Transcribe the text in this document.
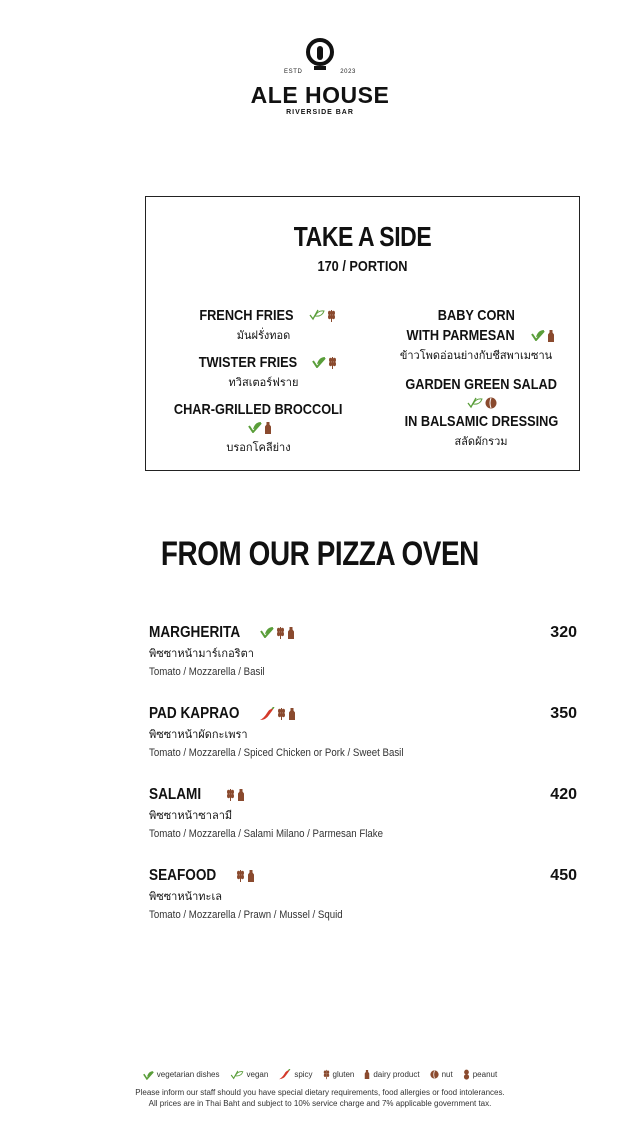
ESTD	2023
ALE HOUSE
RIVERSIDE BAR
TAKE A SIDE
170 / PORTION
FRENCH FRIES
มันฝรั่งทอด
TWISTER FRIES
ทวิสเตอร์ฟราย
CHAR-GRILLED BROCCOLI
บรอกโคลีย่าง
BABY CORN
WITH PARMESAN
ข้าวโพดอ่อนย่างกับชีสพาเมซาน
GARDEN GREEN SALAD
IN BALSAMIC DRESSING
สลัดผักรวม
FROM OUR PIZZA OVEN
MARGHERITA	320
พิซซาหน้ามาร์เกอริตา
Tomato / Mozzarella / Basil
PAD KAPRAO	350
พิซซาหน้าผัดกะเพรา
Tomato / Mozzarella / Spiced Chicken or Pork / Sweet Basil
SALAMI	420
พิซซาหน้าซาลามี
Tomato / Mozzarella / Salami Milano / Parmesan Flake
SEAFOOD	450
พิซซาหน้าทะเล
Tomato / Mozzarella / Prawn / Mussel / Squid
vegetarian dishes	vegan	spicy	gluten dairy product	nut	peanut
Please inform our staff should you have special dietary requirements, food allergies or food intolerances.
All prices are in Thai Baht and subject to 10% service charge and 7% applicable government tax.
